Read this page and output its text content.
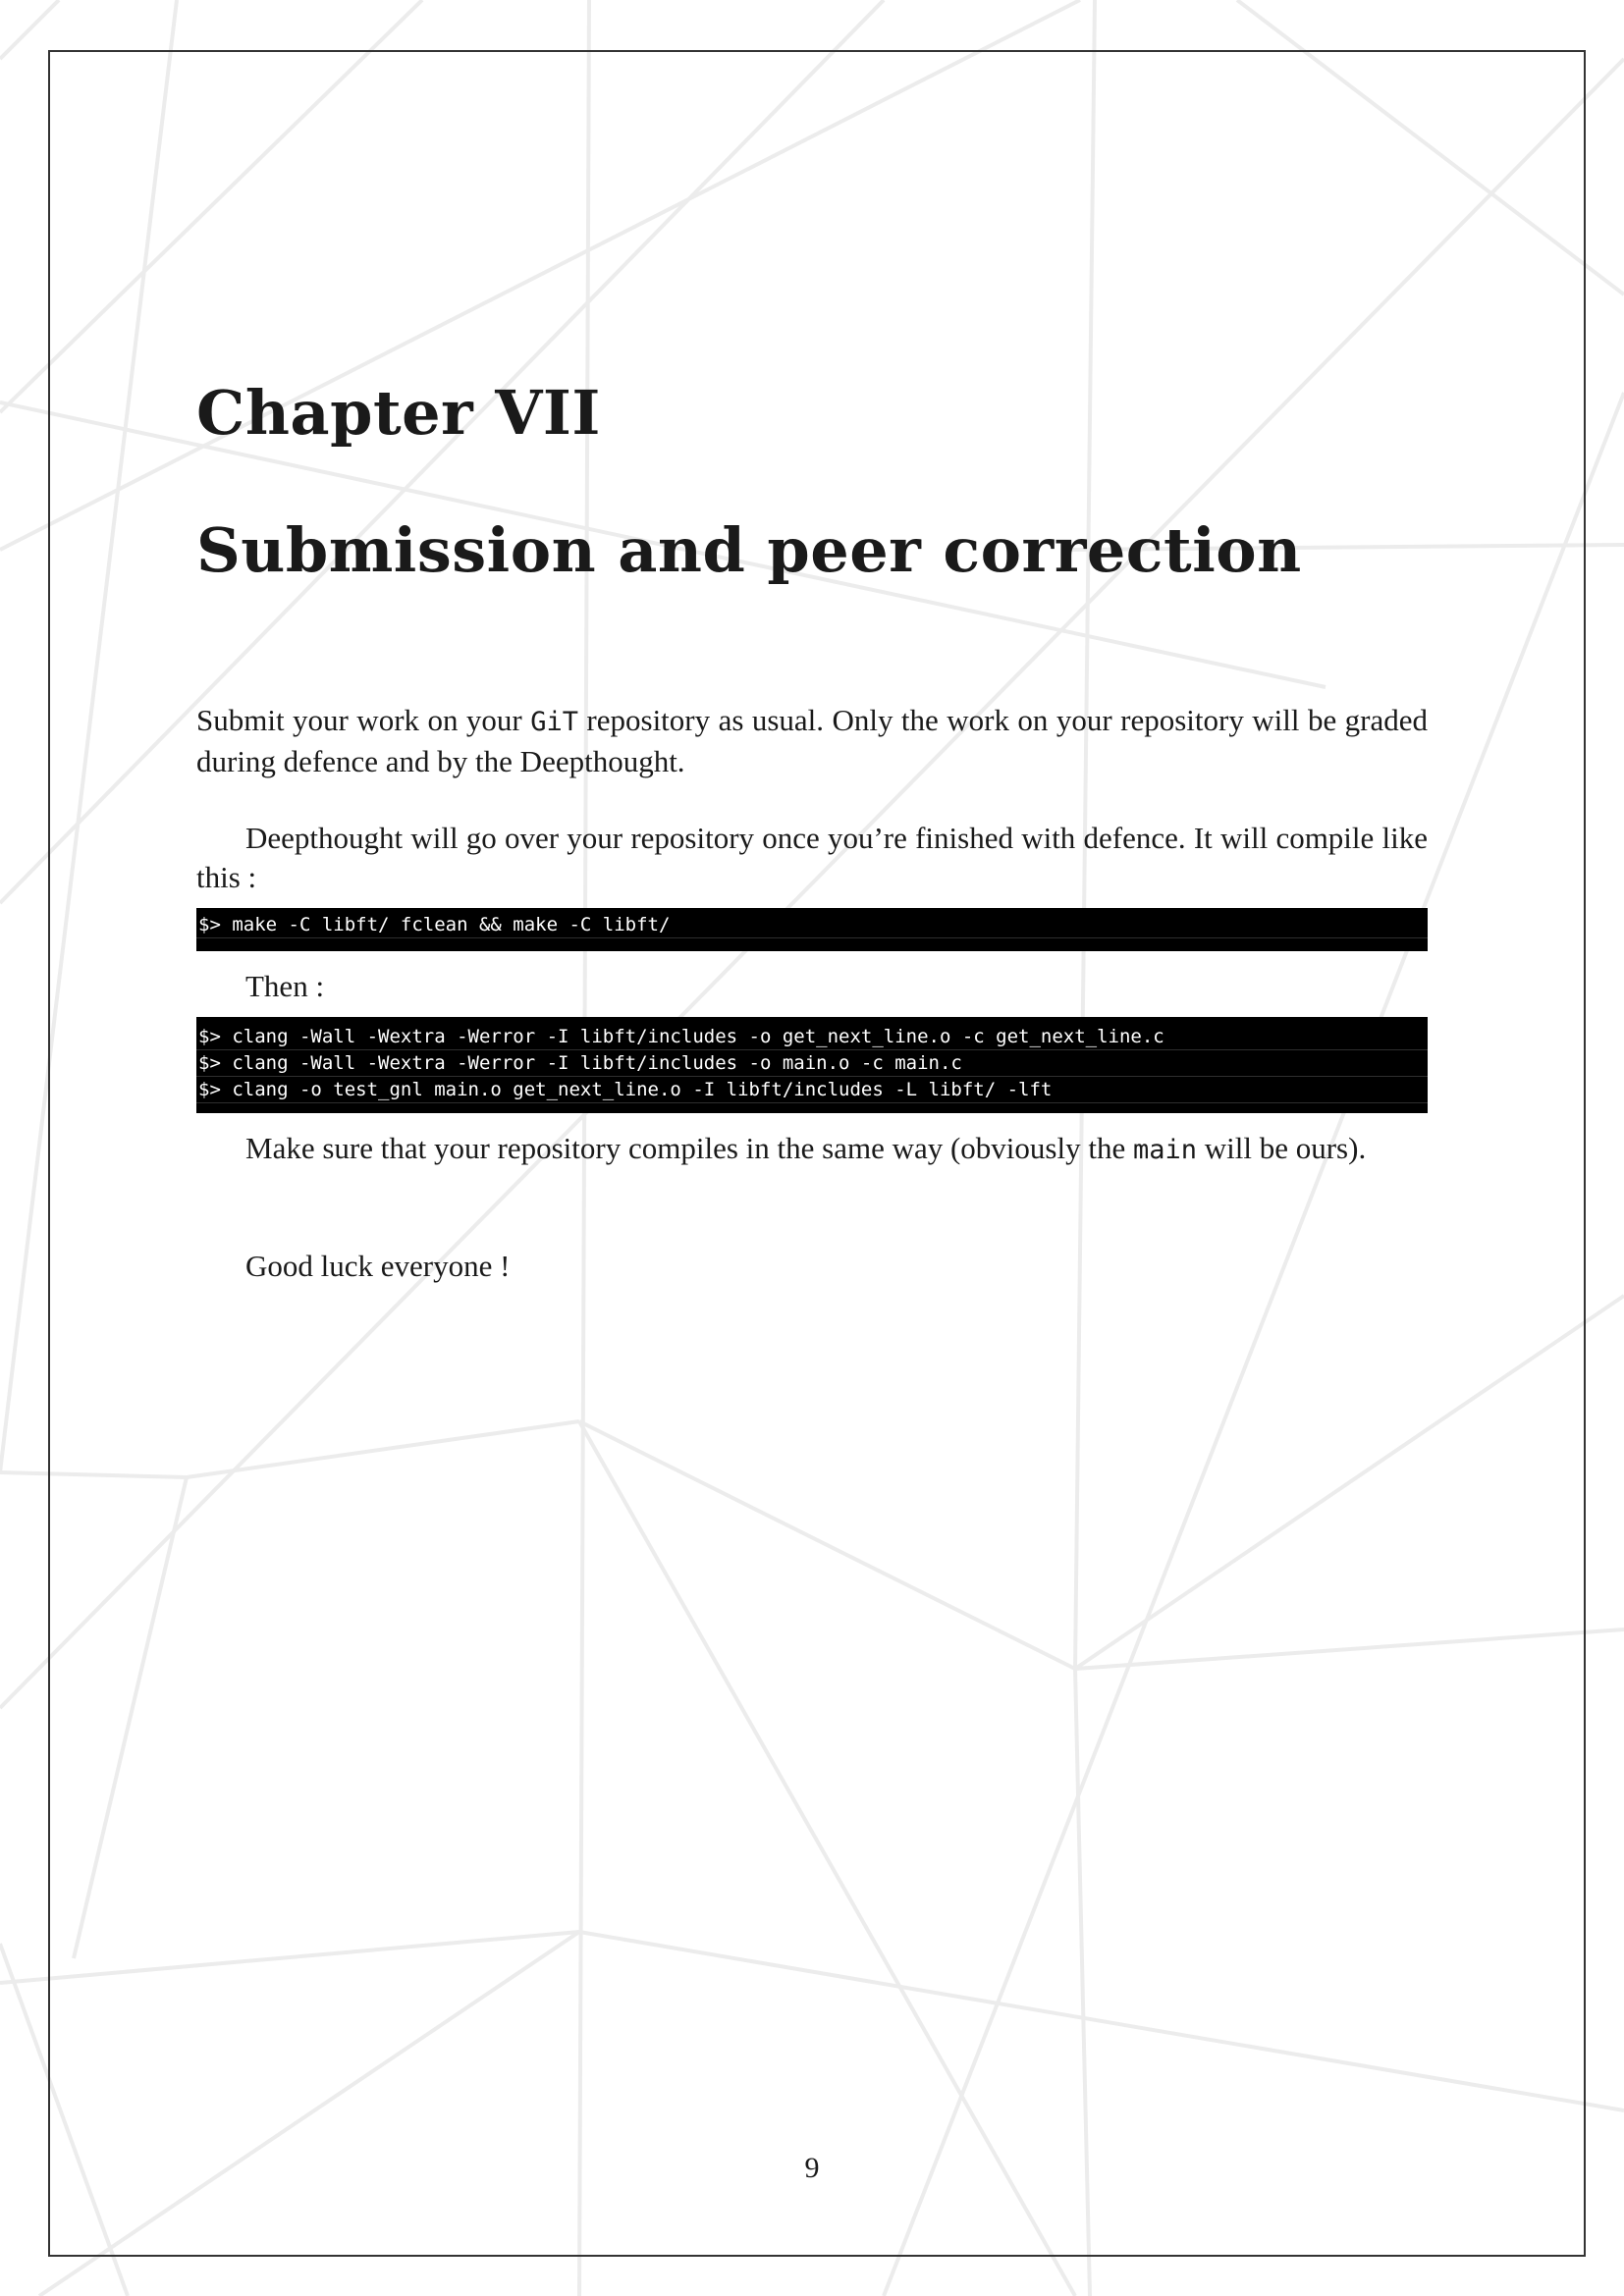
Chapter VII
Submission and peer correction

Submit your work on your GiT repository as usual. Only the work on your repository will be graded during defence and by the Deepthought.

Deepthought will go over your repository once you’re finished with defence. It will compile like this :

$> make -C libft/ fclean && make -C libft/

Then :

$> clang -Wall -Wextra -Werror -I libft/includes -o get_next_line.o -c get_next_line.c
$> clang -Wall -Wextra -Werror -I libft/includes -o main.o -c main.c
$> clang -o test_gnl main.o get_next_line.o -I libft/includes -L libft/ -lft

Make sure that your repository compiles in the same way (obviously the main will be ours).

Good luck everyone !

9
